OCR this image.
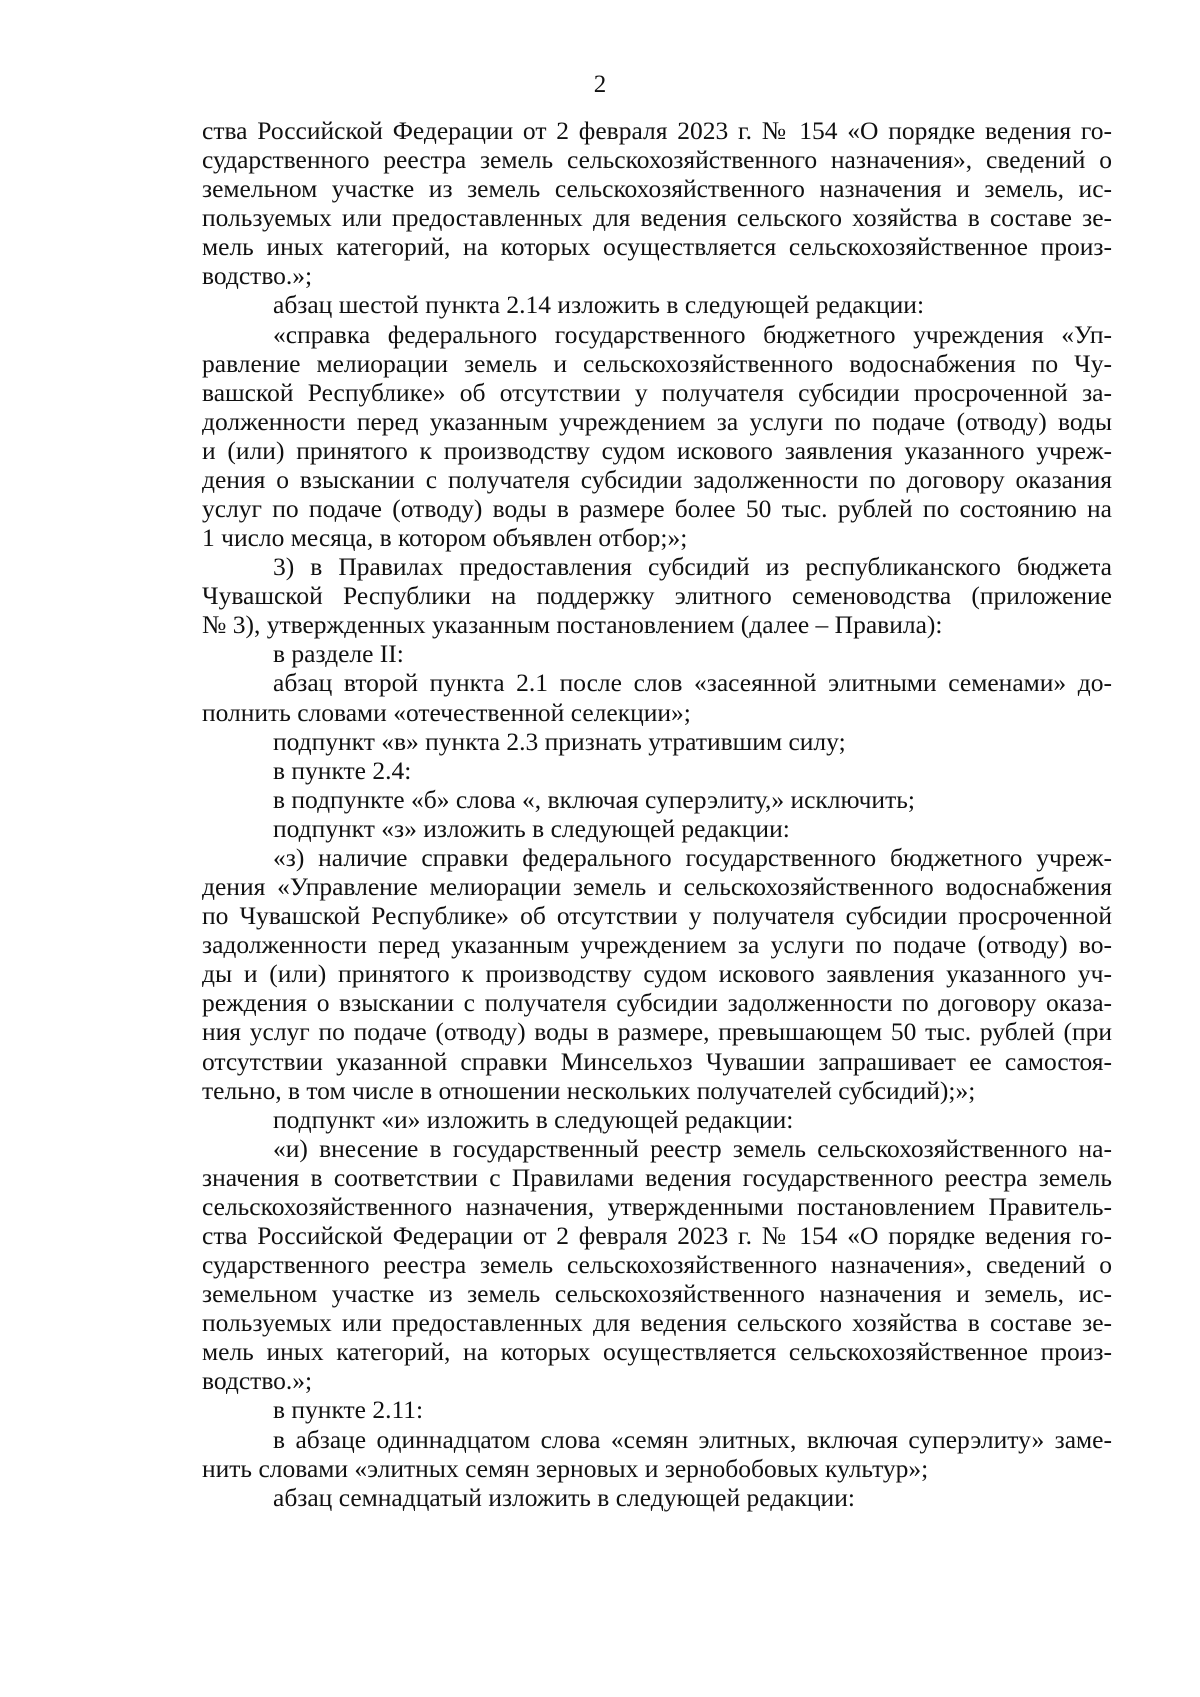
2
ства Российской Федерации от 2 февраля 2023 г. № 154 «О порядке ведения го-
сударственного реестра земель сельскохозяйственного назначения», сведений о
земельном участке из земель сельскохозяйственного назначения и земель, ис-
пользуемых или предоставленных для ведения сельского хозяйства в составе зе-
мель иных категорий, на которых осуществляется сельскохозяйственное произ-
водство.»;
абзац шестой пункта 2.14 изложить в следующей редакции:
«справка федерального государственного бюджетного учреждения «Уп-
равление мелиорации земель и сельскохозяйственного водоснабжения по Чу-
вашской Республике» об отсутствии у получателя субсидии просроченной за-
долженности перед указанным учреждением за услуги по подаче (отводу) воды
и (или) принятого к производству судом искового заявления указанного учреж-
дения о взыскании с получателя субсидии задолженности по договору оказания
услуг по подаче (отводу) воды в размере более 50 тыс. рублей по состоянию на
1 число месяца, в котором объявлен отбор;»;
3) в Правилах предоставления субсидий из республиканского бюджета
Чувашской Республики на поддержку элитного семеноводства (приложение
№ 3), утвержденных указанным постановлением (далее – Правила):
в разделе II:
абзац второй пункта 2.1 после слов «засеянной элитными семенами» до-
полнить словами «отечественной селекции»;
подпункт «в» пункта 2.3 признать утратившим силу;
в пункте 2.4:
в подпункте «б» слова «, включая суперэлиту,» исключить;
подпункт «з» изложить в следующей редакции:
«з) наличие справки федерального государственного бюджетного учреж-
дения «Управление мелиорации земель и сельскохозяйственного водоснабжения
по Чувашской Республике» об отсутствии у получателя субсидии просроченной
задолженности перед указанным учреждением за услуги по подаче (отводу) во-
ды и (или) принятого к производству судом искового заявления указанного уч-
реждения о взыскании с получателя субсидии задолженности по договору оказа-
ния услуг по подаче (отводу) воды в размере, превышающем 50 тыс. рублей (при
отсутствии указанной справки Минсельхоз Чувашии запрашивает ее самостоя-
тельно, в том числе в отношении нескольких получателей субсидий);»;
подпункт «и» изложить в следующей редакции:
«и) внесение в государственный реестр земель сельскохозяйственного на-
значения в соответствии с Правилами ведения государственного реестра земель
сельскохозяйственного назначения, утвержденными постановлением Правитель-
ства Российской Федерации от 2 февраля 2023 г. № 154 «О порядке ведения го-
сударственного реестра земель сельскохозяйственного назначения», сведений о
земельном участке из земель сельскохозяйственного назначения и земель, ис-
пользуемых или предоставленных для ведения сельского хозяйства в составе зе-
мель иных категорий, на которых осуществляется сельскохозяйственное произ-
водство.»;
в пункте 2.11:
в абзаце одиннадцатом слова «семян элитных, включая суперэлиту» заме-
нить словами «элитных семян зерновых и зернобобовых культур»;
абзац семнадцатый изложить в следующей редакции:
